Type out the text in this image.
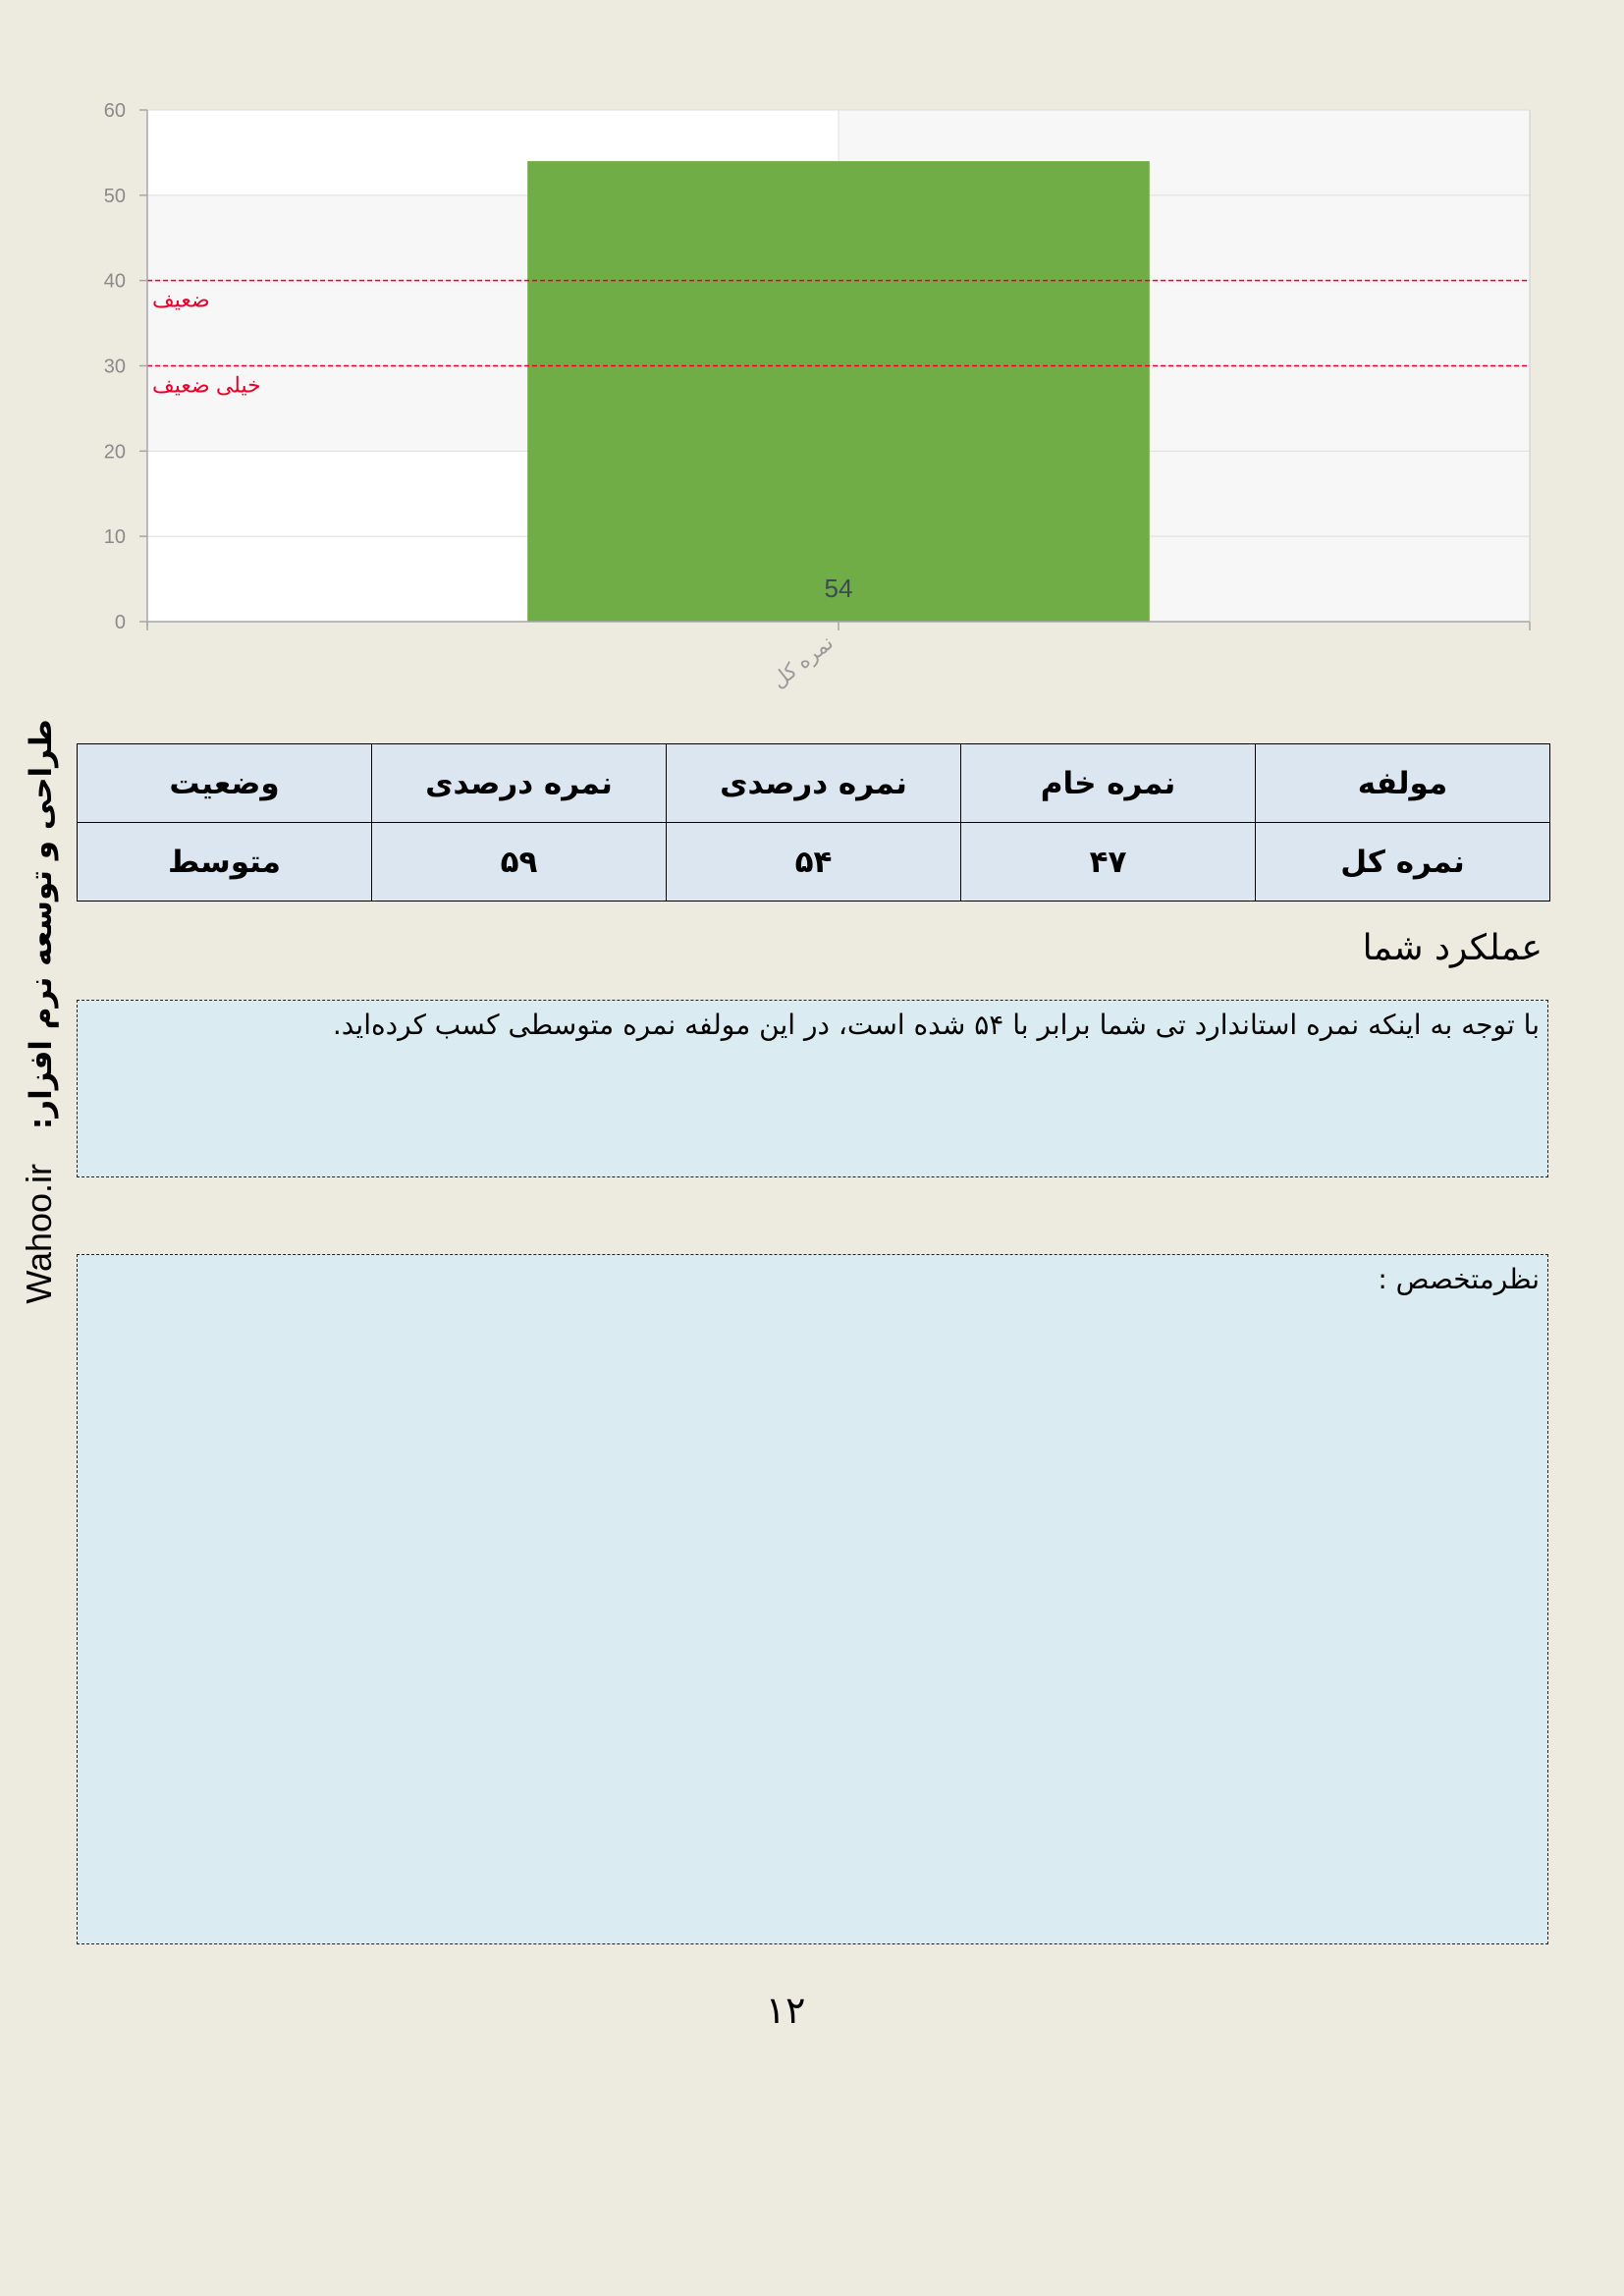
54
ضعیف
خیلی ضعیف
0
10
20
30
40
50
60
نمره کل
طراحی و توسعه نرم افزار: Wahoo.ir
مولفه	نمره خام	نمره درصدی	نمره درصدی	وضعیت
نمره کل	۴۷	۵۴	۵۹	متوسط
عملکرد شما
با توجه به اینکه نمره استاندارد تی شما برابر با ۵۴ شده است، در این مولفه نمره متوسطی کسب کرده‌اید.
نظرمتخصص :
۱۲
